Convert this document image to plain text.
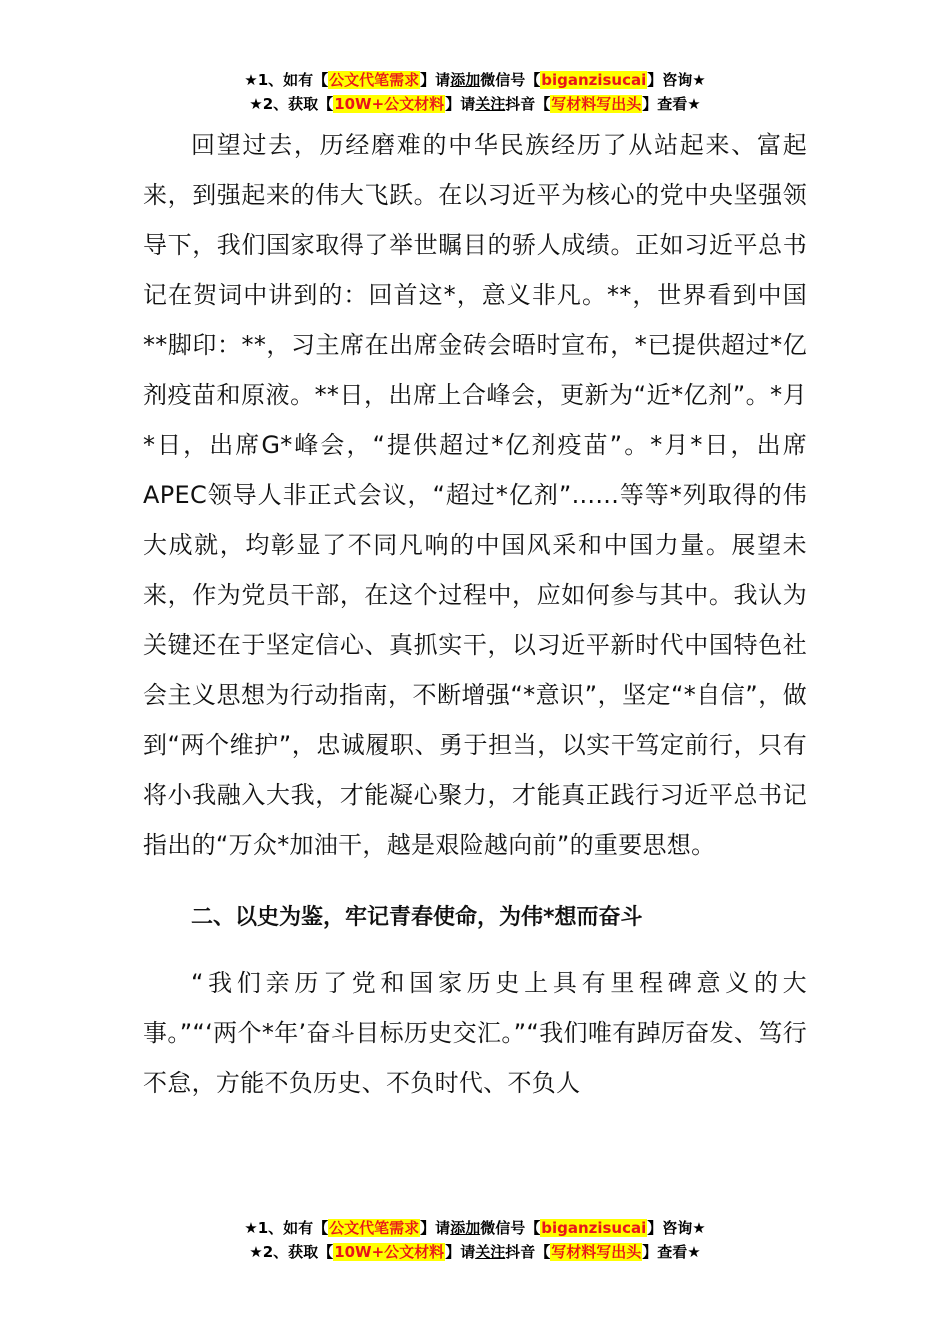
★1、如有【公文代笔需求】请添加微信号【biganzisucai】咨询★
★2、获取【10W+公文材料】请关注抖音【写材料写出头】查看★

回望过去，历经磨难的中华民族经历了从站起来、富起来，到强起来的伟大飞跃。在以习近平为核心的党中央坚强领导下，我们国家取得了举世瞩目的骄人成绩。正如习近平总书记在贺词中讲到的：回首这*，意义非凡。**，世界看到中国**脚印：**，习主席在出席金砖会晤时宣布，*已提供超过*亿剂疫苗和原液。**日，出席上合峰会，更新为“近*亿剂”。*月*日，出席G*峰会，“提供超过*亿剂疫苗”。*月*日，出席APEC领导人非正式会议，“超过*亿剂”......等等*列取得的伟大成就，均彰显了不同凡响的中国风采和中国力量。展望未来，作为党员干部，在这个过程中，应如何参与其中。我认为关键还在于坚定信心、真抓实干，以习近平新时代中国特色社会主义思想为行动指南，不断增强“*意识”，坚定“*自信”，做到“两个维护”，忠诚履职、勇于担当，以实干笃定前行，只有将小我融入大我，才能凝心聚力，才能真正践行习近平总书记指出的“万众*加油干，越是艰险越向前”的重要思想。

二、以史为鉴，牢记青春使命，为伟*想而奋斗

“我们亲历了党和国家历史上具有里程碑意义的大事。”“‘两个*年’奋斗目标历史交汇。”“我们唯有踔厉奋发、笃行不怠，方能不负历史、不负时代、不负人

★1、如有【公文代笔需求】请添加微信号【biganzisucai】咨询★
★2、获取【10W+公文材料】请关注抖音【写材料写出头】查看★
